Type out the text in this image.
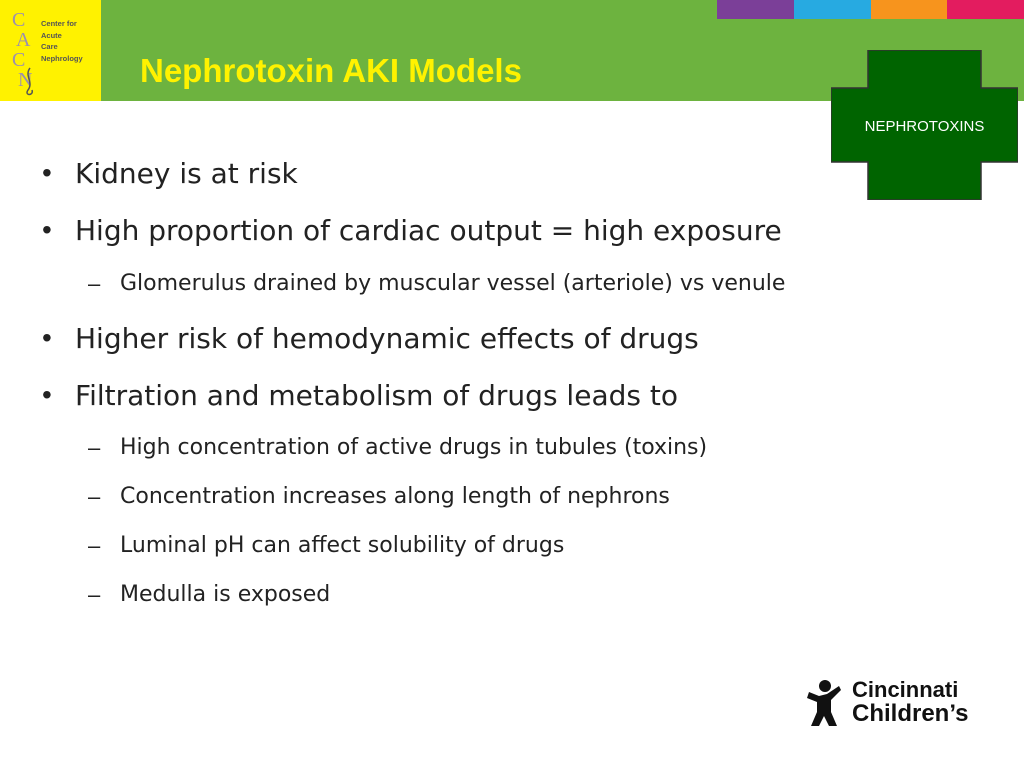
C
A
C
N
Center for
Acute
Care
Nephrology Nephrotoxin AKI Models
NEPHROTOXINS
• Kidney is at risk
• High proportion of cardiac output = high exposure
– Glomerulus drained by muscular vessel (arteriole) vs venule
• Higher risk of hemodynamic effects of drugs
• Filtration and metabolism of drugs leads to
– High concentration of active drugs in tubules (toxins)
– Concentration increases along length of nephrons
– Luminal pH can affect solubility of drugs
– Medulla is exposed
Cincinnati
Children’s
